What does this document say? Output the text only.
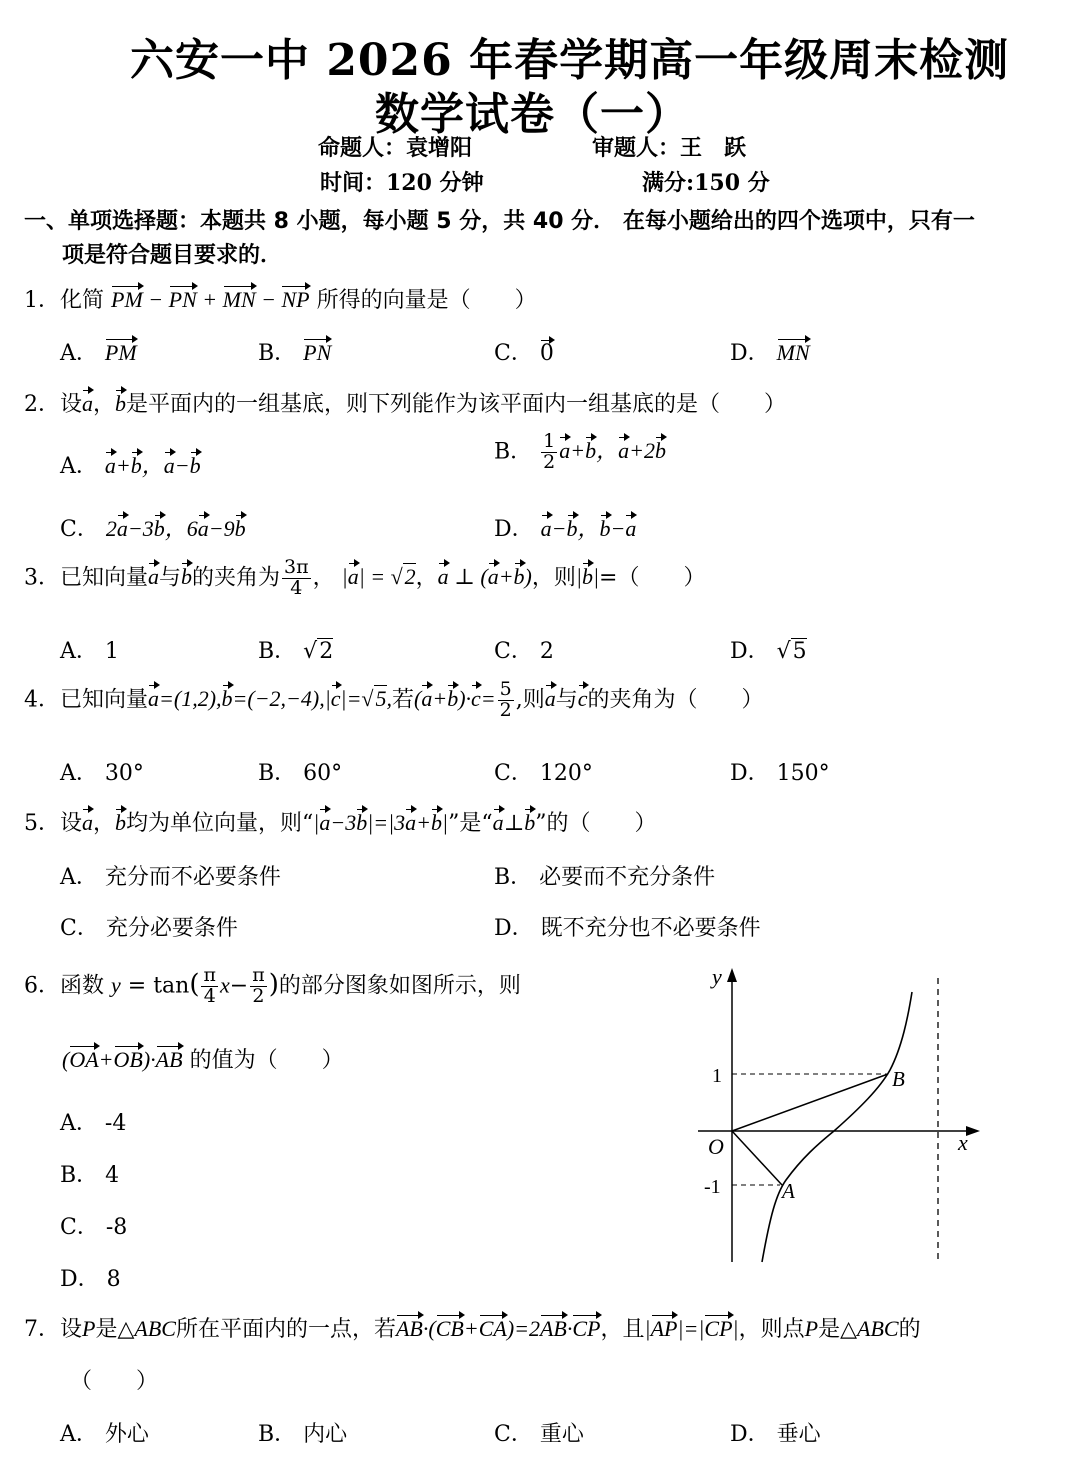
六安一中 2026 年春学期高一年级周末检测
数学试卷（一）
命题人：袁增阳	审题人：王　跃
时间：120 分钟	满分:150 分
一、单项选择题：本题共 8 小题，每小题 5 分，共 40 分． 在每小题给出的四个选项中，只有一
项是符合题目要求的．
1．化简 PM − PN + MN − NP 所得的向量是（　　）
A． PM	B． PN	C． 0	D． MN
2．设a，b是平面内的一组基底，则下列能作为该平面内一组基底的是（　　）
A． a+b，a−b
B． $\frac{1}{2} a+b$，a+2b
C． 2a−3b，6a−9b	D． a−b，b−a
3．已知向量a与b的夹角为 $\frac{3\pi}{4}$ ， |a| = √2，a ⊥ (a+b)，则|b|=（　　）
A． 1	B． √2	C． 2	D． √5
4．已知向量a=(1,2),b=(−2,−4),|c|=√5,若$(a+b)\cdot c= \frac{5}{2}$ ,则a与c的夹角为（　　）
A． 30°	B． 60°	C． 120°	D． 150°
5．设a，b均为单位向量，则“|a−3b|=|3a+b|”是“a⊥b”的（　　）
A． 充分而不必要条件	B． 必要而不充分条件
C． 充分必要条件	D． 既不充分也不必要条件
6．函数 $y = \tan( \frac{\pi}{4} x- \frac{\pi}{2}$ )的部分图象如图所示，则
(OA+OB)·AB 的值为（　　）
A． -4
B． 4
C． -8
D． 8
y
x
O
1
-1
B
A
7．设P是△ABC所在平面内的一点，若AB·(CB+CA)=2AB·CP，且|AP|=|CP|，则点P是△ABC的
（　　）
A． 外心	B． 内心	C． 重心	D． 垂心
